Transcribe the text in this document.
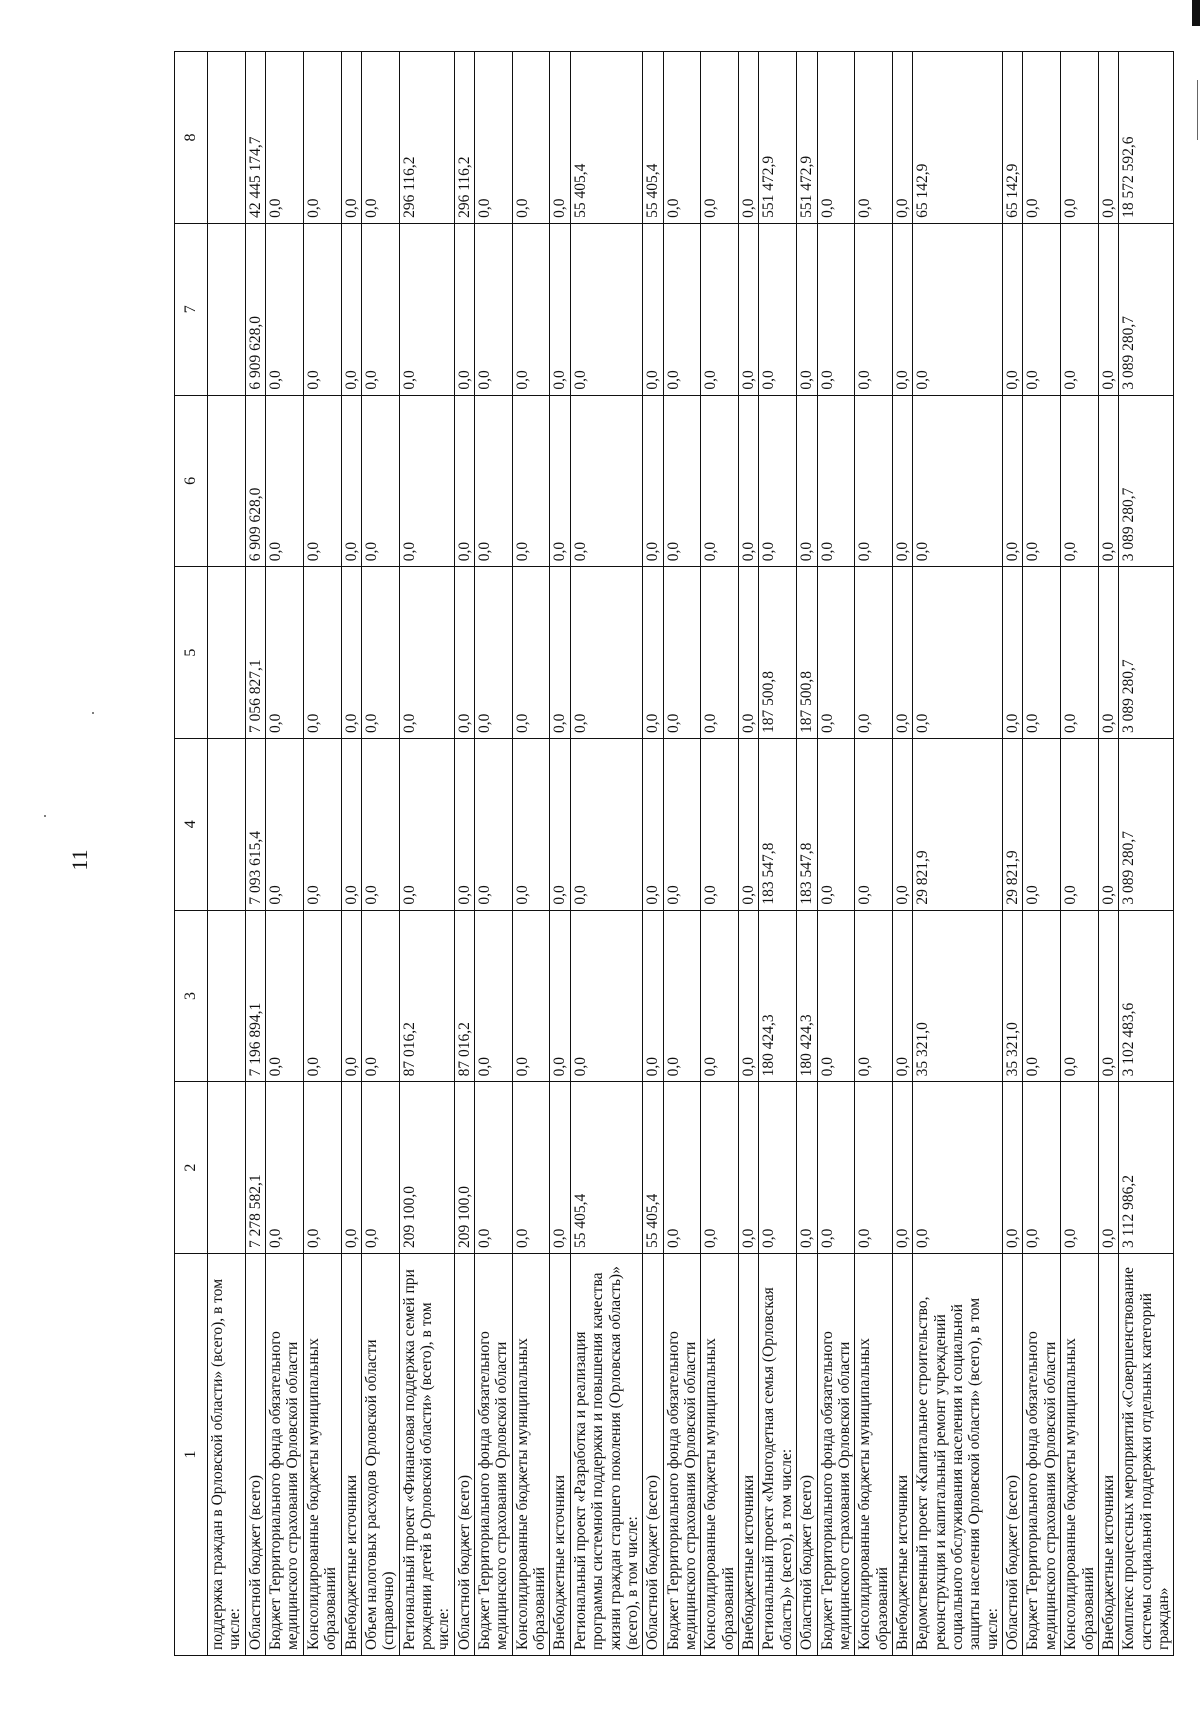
11
1	2	3	4	5	6	7	8
поддержка граждан в Орловской области» (всего), в том числе:							
Областной бюджет (всего)	7 278 582,1	7 196 894,1	7 093 615,4	7 056 827,1	6 909 628,0	6 909 628,0	42 445 174,7
Бюджет Территориального фонда обязательного медицинского страхования Орловской области	0,0	0,0	0,0	0,0	0,0	0,0	0,0
Консолидированные бюджеты муниципальных образований	0,0	0,0	0,0	0,0	0,0	0,0	0,0
Внебюджетные источники	0,0	0,0	0,0	0,0	0,0	0,0	0,0
Объем налоговых расходов Орловской области (справочно)	0,0	0,0	0,0	0,0	0,0	0,0	0,0
Региональный проект «Финансовая поддержка семей при рождении детей в Орловской области» (всего), в том числе:	209 100,0	87 016,2	0,0	0,0	0,0	0,0	296 116,2
Областной бюджет (всего)	209 100,0	87 016,2	0,0	0,0	0,0	0,0	296 116,2
Бюджет Территориального фонда обязательного медицинского страхования Орловской области	0,0	0,0	0,0	0,0	0,0	0,0	0,0
Консолидированные бюджеты муниципальных образований	0,0	0,0	0,0	0,0	0,0	0,0	0,0
Внебюджетные источники	0,0	0,0	0,0	0,0	0,0	0,0	0,0
Региональный проект «Разработка и реализация программы системной поддержки и повышения качества жизни граждан старшего поколения (Орловская область)» (всего), в том числе:	55 405,4	0,0	0,0	0,0	0,0	0,0	55 405,4
Областной бюджет (всего)	55 405,4	0,0	0,0	0,0	0,0	0,0	55 405,4
Бюджет Территориального фонда обязательного медицинского страхования Орловской области	0,0	0,0	0,0	0,0	0,0	0,0	0,0
Консолидированные бюджеты муниципальных образований	0,0	0,0	0,0	0,0	0,0	0,0	0,0
Внебюджетные источники	0,0	0,0	0,0	0,0	0,0	0,0	0,0
Региональный проект «Многодетная семья (Орловская область)» (всего), в том числе:	0,0	180 424,3	183 547,8	187 500,8	0,0	0,0	551 472,9
Областной бюджет (всего)	0,0	180 424,3	183 547,8	187 500,8	0,0	0,0	551 472,9
Бюджет Территориального фонда обязательного медицинского страхования Орловской области	0,0	0,0	0,0	0,0	0,0	0,0	0,0
Консолидированные бюджеты муниципальных образований	0,0	0,0	0,0	0,0	0,0	0,0	0,0
Внебюджетные источники	0,0	0,0	0,0	0,0	0,0	0,0	0,0
Ведомственный проект «Капитальное строительство, реконструкция и капитальный ремонт учреждений социального обслуживания населения и социальной защиты населения Орловской области» (всего), в том числе:	0,0	35 321,0	29 821,9	0,0	0,0	0,0	65 142,9
Областной бюджет (всего)	0,0	35 321,0	29 821,9	0,0	0,0	0,0	65 142,9
Бюджет Территориального фонда обязательного медицинского страхования Орловской области	0,0	0,0	0,0	0,0	0,0	0,0	0,0
Консолидированные бюджеты муниципальных образований	0,0	0,0	0,0	0,0	0,0	0,0	0,0
Внебюджетные источники	0,0	0,0	0,0	0,0	0,0	0,0	0,0
Комплекс процессных мероприятий «Совершенствование системы социальной поддержки отдельных категорий граждан»	3 112 986,2	3 102 483,6	3 089 280,7	3 089 280,7	3 089 280,7	3 089 280,7	18 572 592,6
